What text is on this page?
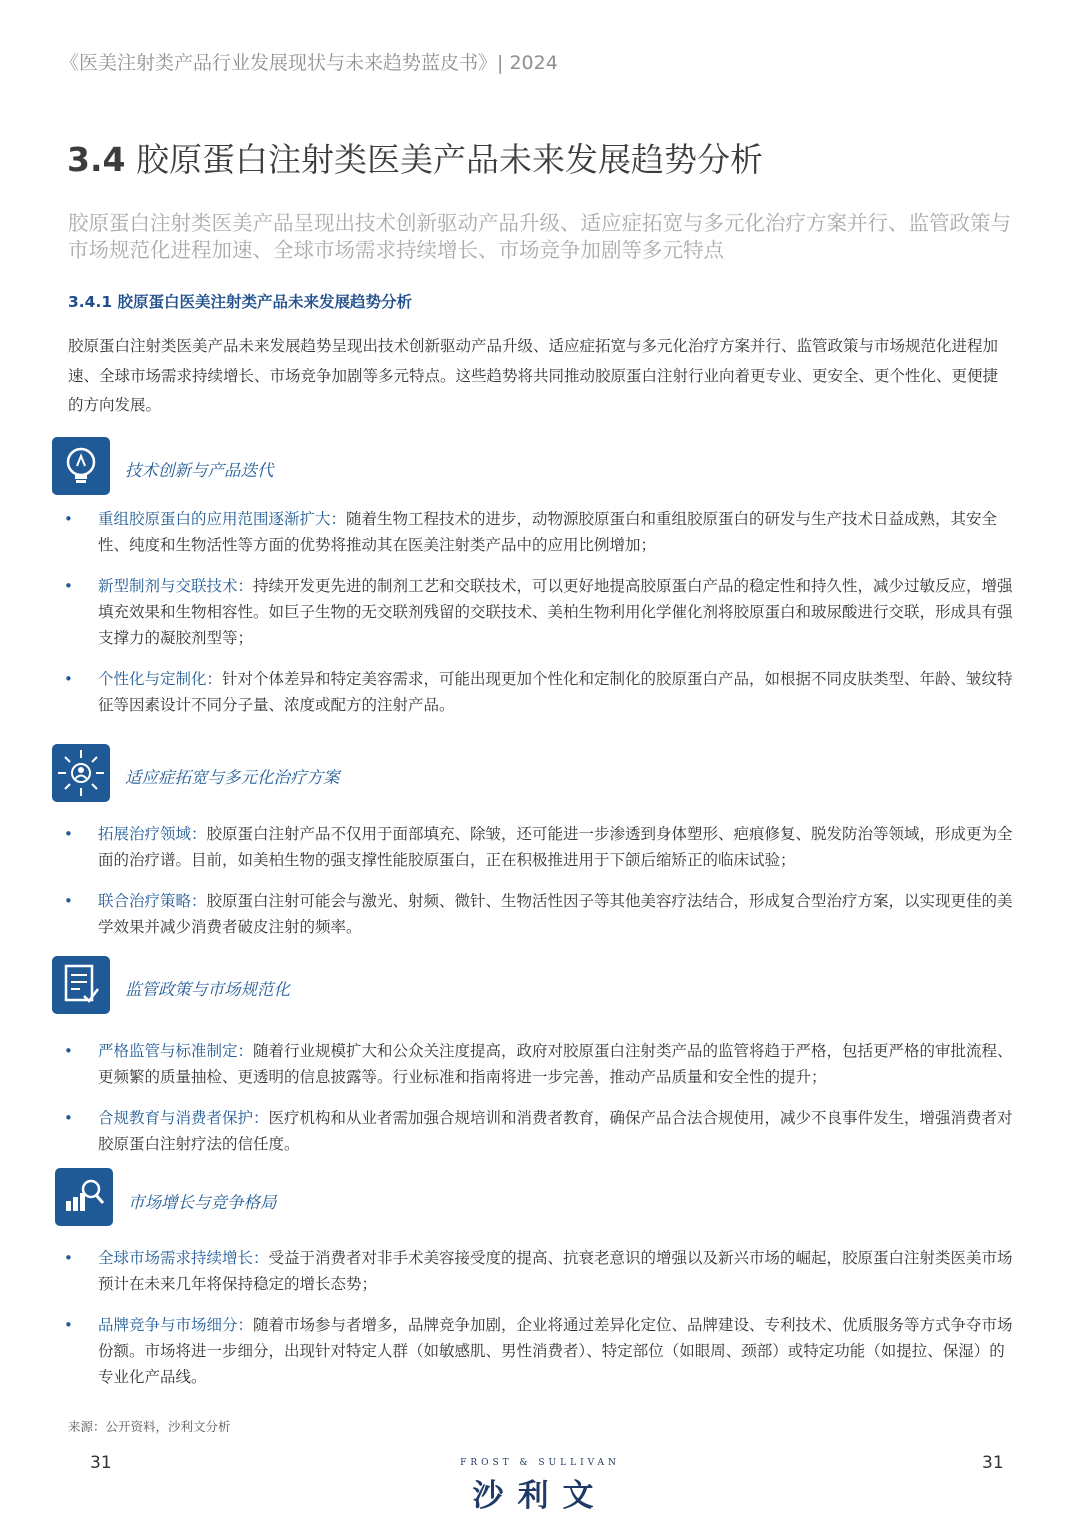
《医美注射类产品行业发展现状与未来趋势蓝皮书》| 2024
3.4 胶原蛋白注射类医美产品未来发展趋势分析
胶原蛋白注射类医美产品呈现出技术创新驱动产品升级、适应症拓宽与多元化治疗方案并行、监管政策与市场规范化进程加速、全球市场需求持续增长、市场竞争加剧等多元特点
3.4.1 胶原蛋白医美注射类产品未来发展趋势分析
胶原蛋白注射类医美产品未来发展趋势呈现出技术创新驱动产品升级、适应症拓宽与多元化治疗方案并行、监管政策与市场规范化进程加速、全球市场需求持续增长、市场竞争加剧等多元特点。这些趋势将共同推动胶原蛋白注射行业向着更专业、更安全、更个性化、更便捷的方向发展。
技术创新与产品迭代
• 重组胶原蛋白的应用范围逐渐扩大：随着生物工程技术的进步，动物源胶原蛋白和重组胶原蛋白的研发与生产技术日益成熟，其安全性、纯度和生物活性等方面的优势将推动其在医美注射类产品中的应用比例增加；
• 新型制剂与交联技术：持续开发更先进的制剂工艺和交联技术，可以更好地提高胶原蛋白产品的稳定性和持久性，减少过敏反应，增强填充效果和生物相容性。如巨子生物的无交联剂残留的交联技术、美柏生物利用化学催化剂将胶原蛋白和玻尿酸进行交联，形成具有强支撑力的凝胶剂型等；
• 个性化与定制化：针对个体差异和特定美容需求，可能出现更加个性化和定制化的胶原蛋白产品，如根据不同皮肤类型、年龄、皱纹特征等因素设计不同分子量、浓度或配方的注射产品。
适应症拓宽与多元化治疗方案
• 拓展治疗领域：胶原蛋白注射产品不仅用于面部填充、除皱，还可能进一步渗透到身体塑形、疤痕修复、脱发防治等领域，形成更为全面的治疗谱。目前，如美柏生物的强支撑性能胶原蛋白，正在积极推进用于下颌后缩矫正的临床试验；
• 联合治疗策略：胶原蛋白注射可能会与激光、射频、微针、生物活性因子等其他美容疗法结合，形成复合型治疗方案，以实现更佳的美学效果并减少消费者破皮注射的频率。
监管政策与市场规范化
• 严格监管与标准制定：随着行业规模扩大和公众关注度提高，政府对胶原蛋白注射类产品的监管将趋于严格，包括更严格的审批流程、更频繁的质量抽检、更透明的信息披露等。行业标准和指南将进一步完善，推动产品质量和安全性的提升；
• 合规教育与消费者保护：医疗机构和从业者需加强合规培训和消费者教育，确保产品合法合规使用，减少不良事件发生，增强消费者对胶原蛋白注射疗法的信任度。
市场增长与竞争格局
• 全球市场需求持续增长：受益于消费者对非手术美容接受度的提高、抗衰老意识的增强以及新兴市场的崛起，胶原蛋白注射类医美市场预计在未来几年将保持稳定的增长态势；
• 品牌竞争与市场细分：随着市场参与者增多，品牌竞争加剧，企业将通过差异化定位、品牌建设、专利技术、优质服务等方式争夺市场份额。市场将进一步细分，出现针对特定人群（如敏感肌、男性消费者）、特定部位（如眼周、颈部）或特定功能（如提拉、保湿）的专业化产品线。
来源：公开资料，沙利文分析
31	31
FROST & SULLIVAN
沙利文
